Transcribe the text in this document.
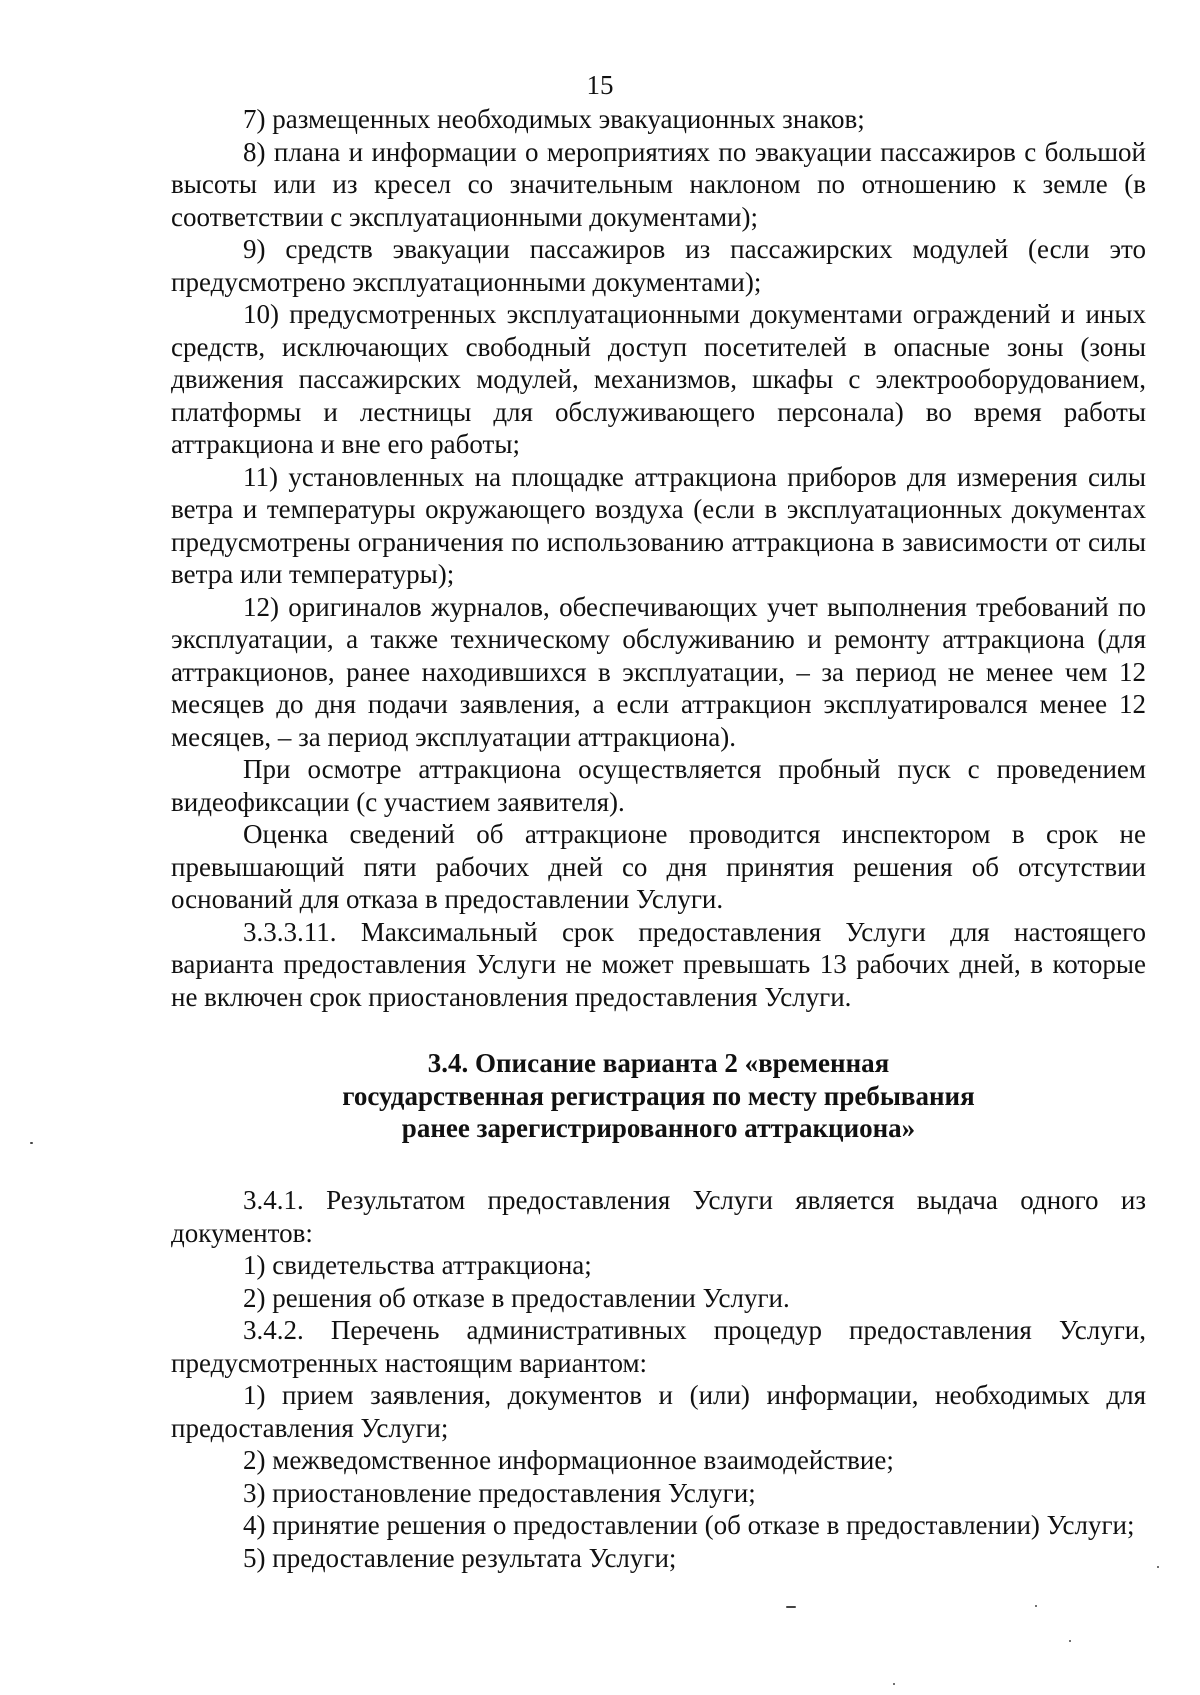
15

7) размещенных необходимых эвакуационных знаков;

8) плана и информации о мероприятиях по эвакуации пассажиров с большой высоты или из кресел со значительным наклоном по отношению к земле (в соответствии с эксплуатационными документами);

9) средств эвакуации пассажиров из пассажирских модулей (если это предусмотрено эксплуатационными документами);

10) предусмотренных эксплуатационными документами ограждений и иных средств, исключающих свободный доступ посетителей в опасные зоны (зоны движения пассажирских модулей, механизмов, шкафы с электрооборудованием, платформы и лестницы для обслуживающего персонала) во время работы аттракциона и вне его работы;

11) установленных на площадке аттракциона приборов для измерения силы ветра и температуры окружающего воздуха (если в эксплуатационных документах предусмотрены ограничения по использованию аттракциона в зависимости от силы ветра или температуры);

12) оригиналов журналов, обеспечивающих учет выполнения требований по эксплуатации, а также техническому обслуживанию и ремонту аттракциона (для аттракционов, ранее находившихся в эксплуатации, – за период не менее чем 12 месяцев до дня подачи заявления, а если аттракцион эксплуатировался менее 12 месяцев, – за период эксплуатации аттракциона).

При осмотре аттракциона осуществляется пробный пуск с проведением видеофиксации (с участием заявителя).

Оценка сведений об аттракционе проводится инспектором в срок не превышающий пяти рабочих дней со дня принятия решения об отсутствии оснований для отказа в предоставлении Услуги.

3.3.3.11. Максимальный срок предоставления Услуги для настоящего варианта предоставления Услуги не может превышать 13 рабочих дней, в которые не включен срок приостановления предоставления Услуги.

3.4. Описание варианта 2 «временная
государственная регистрация по месту пребывания
ранее зарегистрированного аттракциона»

3.4.1. Результатом предоставления Услуги является выдача одного из документов:

1) свидетельства аттракциона;

2) решения об отказе в предоставлении Услуги.

3.4.2. Перечень административных процедур предоставления Услуги, предусмотренных настоящим вариантом:

1) прием заявления, документов и (или) информации, необходимых для предоставления Услуги;

2) межведомственное информационное взаимодействие;

3) приостановление предоставления Услуги;

4) принятие решения о предоставлении (об отказе в предоставлении) Услуги;

5) предоставление результата Услуги;
